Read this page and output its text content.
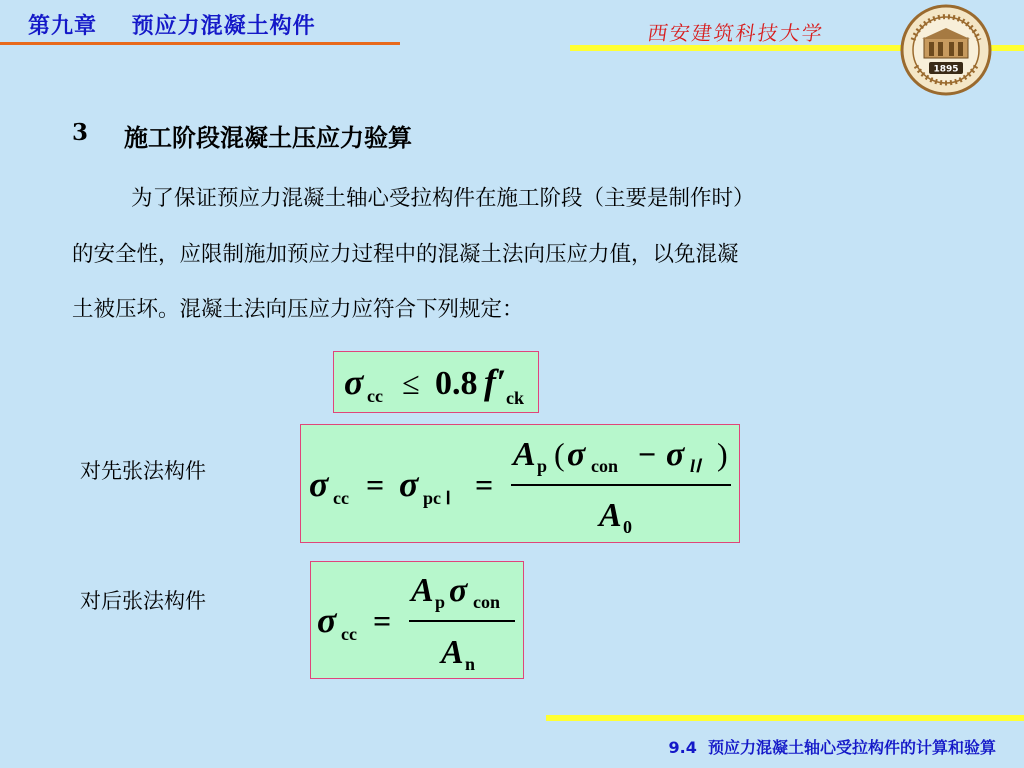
第九章    预应力混凝土构件	西安建筑科技大学
1895
3 施工阶段混凝土压应力验算
为了保证预应力混凝土轴心受拉构件在施工阶段（主要是制作时）
的安全性，应限制施加预应力过程中的混凝土法向压应力值，以免混凝
土被压坏。混凝土法向压应力应符合下列规定：
σ cc ≤ 0.8 f′ ck
对先张法构件	σ cc = σ pc Ⅰ =
A p ( σ con − σ lⅠ )
A 0
对后张法构件	σ cc =
A p σ con
A n
9.4  预应力混凝土轴心受拉构件的计算和验算
